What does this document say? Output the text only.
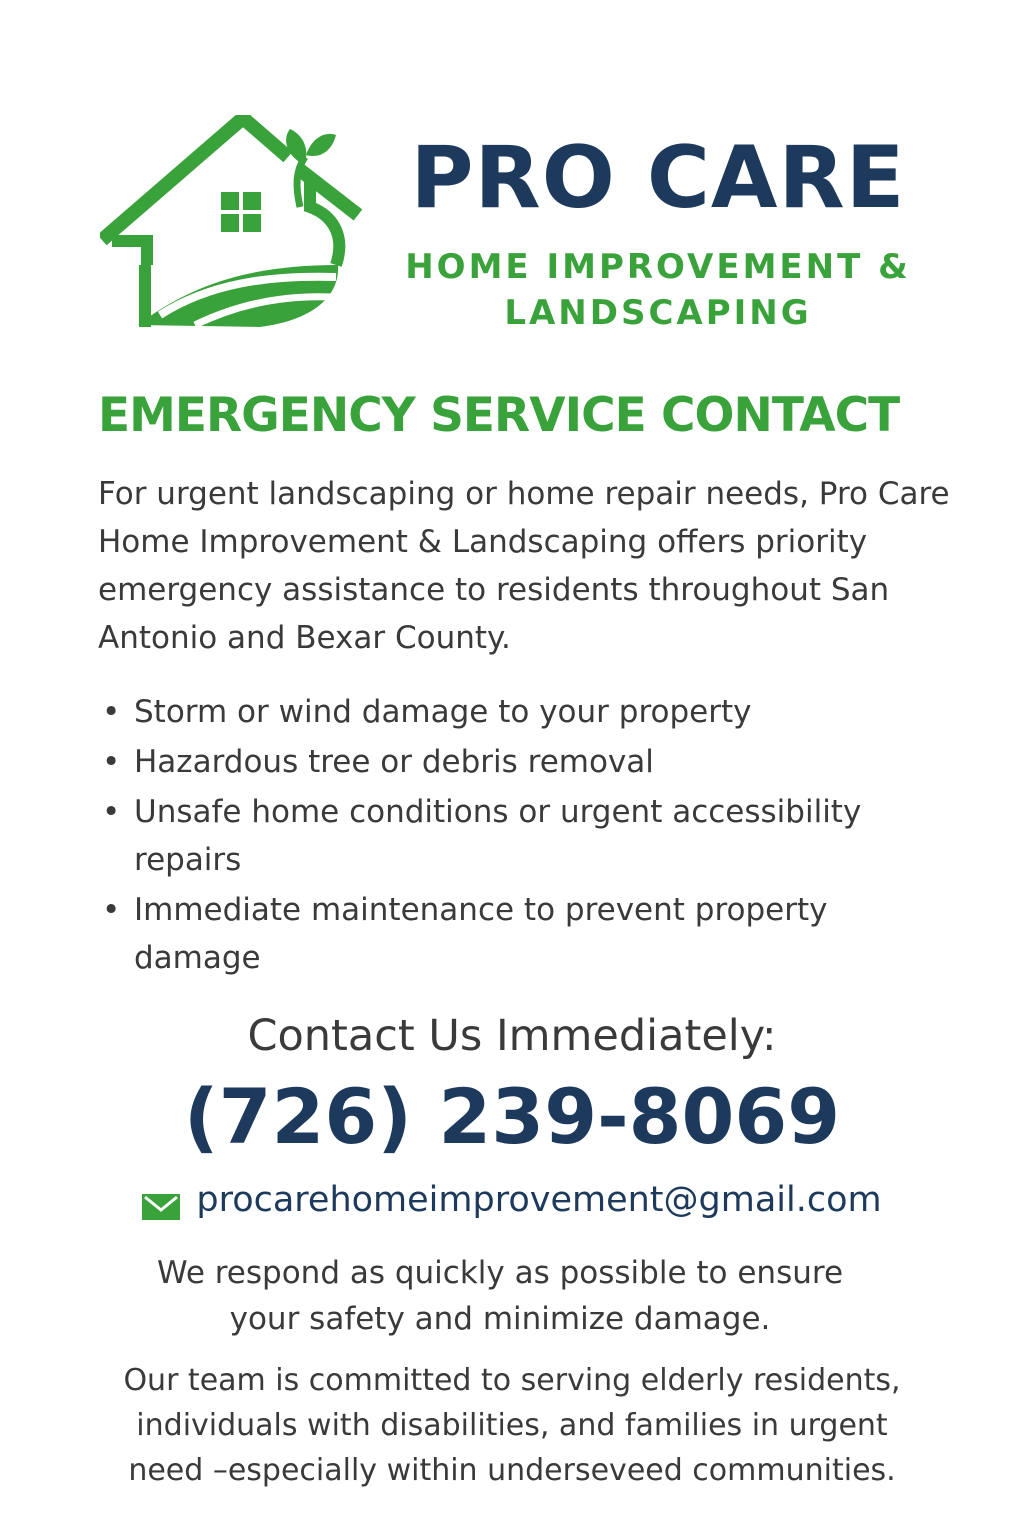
PRO CARE
HOME IMPROVEMENT &
LANDSCAPING
EMERGENCY SERVICE CONTACT

For urgent landscaping or home repair needs, Pro Care Home Improvement & Landscaping offers priority emergency assistance to residents throughout San Antonio and Bexar County.

• Storm or wind damage to your property
• Hazardous tree or debris removal
• Unsafe home conditions or urgent accessibility repairs
• Immediate maintenance to prevent property damage
Contact Us Immediately:
(726) 239-8069
procarehomeimprovement@gmail.com
We respond as quickly as possible to ensure
your safety and minimize damage.
Our team is committed to serving elderly residents,
individuals with disabilities, and families in urgent
need –especially within underseveed communities.
